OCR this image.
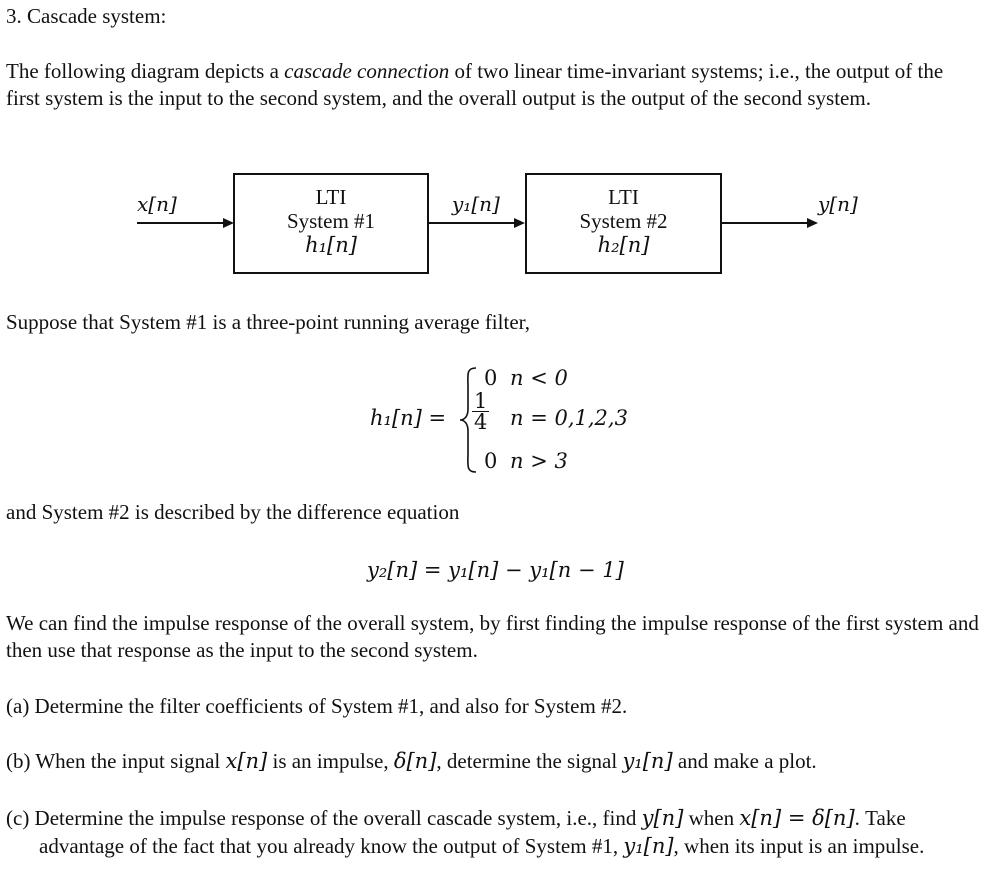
3. Cascade system:
The following diagram depicts a cascade connection of two linear time-invariant systems; i.e., the output of the first system is the input to the second system, and the overall output is the output of the second system.
x[n]	LTI
System #1
h₁[n]
y₁[n]	LTI
System #2
h₂[n]
y[n]
Suppose that System #1 is a three-point running average filter,
h₁[n] =
0 n < 0
$\frac{1}{4}$ n = 0,1,2,3
0 n > 3
and System #2 is described by the difference equation
y₂[n] = y₁[n] − y₁[n − 1]
We can find the impulse response of the overall system, by first finding the impulse response of the first system and then use that response as the input to the second system.
(a) Determine the filter coefficients of System #1, and also for System #2.
(b) When the input signal x[n] is an impulse, δ[n], determine the signal y₁[n] and make a plot.
(c) Determine the impulse response of the overall cascade system, i.e., find y[n] when x[n] = δ[n]. Take advantage of the fact that you already know the output of System #1, y₁[n], when its input is an impulse.
